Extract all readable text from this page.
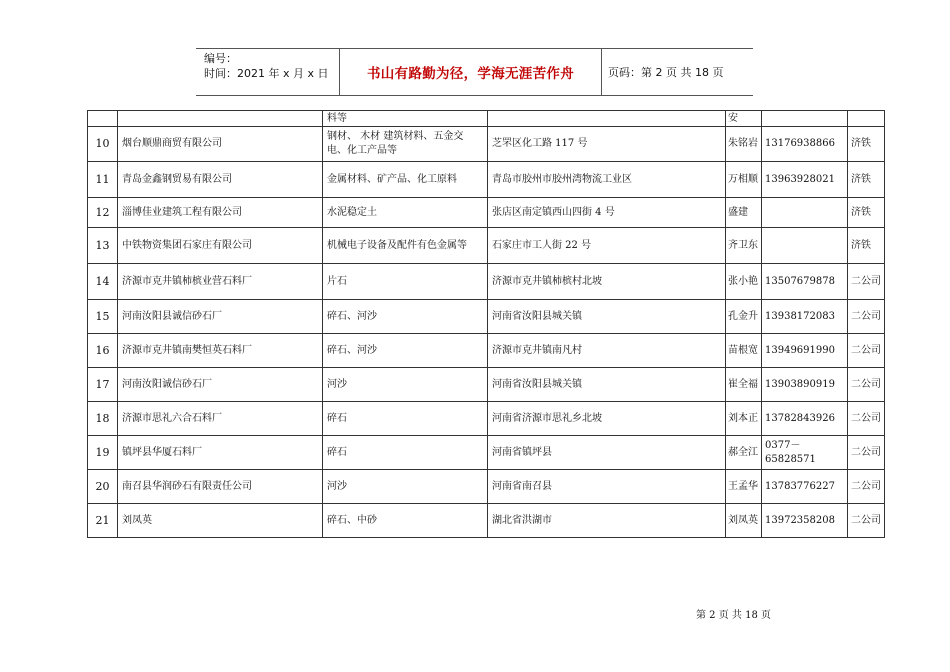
编号：
时间：2021 年 x 月 x 日	书山有路勤为径，学海无涯苦作舟	页码：第 2 页 共 18 页
		料等		安		
10	烟台顺鼎商贸有限公司	钢材、 木材 建筑材料、五金交电、化工产品等	芝罘区化工路 117 号	朱铭岩	13176938866	济铁
11	青岛金鑫钢贸易有限公司	金属材料、矿产品、化工原料	青岛市胶州市胶州湾物流工业区	万相顺	13963928021	济铁
12	淄博佳业建筑工程有限公司	水泥稳定土	张店区南定镇西山四街 4 号	盛建		济铁
13	中铁物资集团石家庄有限公司	机械电子设备及配件有色金属等	石家庄市工人街 22 号	齐卫东		济铁
14	济源市克井镇柿槟业营石料厂	片石	济源市克井镇柿槟村北坡	张小艳	13507679878	二公司
15	河南汝阳县诚信砂石厂	碎石、河沙	河南省汝阳县城关镇	孔金升	13938172083	二公司
16	济源市克井镇南樊恒英石料厂	碎石、河沙	济源市克井镇南凡村	苗根宽	13949691990	二公司
17	河南汝阳诚信砂石厂	河沙	河南省汝阳县城关镇	崔全福	13903890919	二公司
18	济源市思礼六合石料厂	碎石	河南省济源市思礼乡北坡	刘本正	13782843926	二公司
19	镇坪县华厦石料厂	碎石	河南省镇坪县	郝全江	0377－65828571	二公司
20	南召县华润砂石有限责任公司	河沙	河南省南召县	王孟华	13783776227	二公司
21	刘凤英	碎石、中砂	湖北省洪湖市	刘凤英	13972358208	二公司
第 2 页 共 18 页
